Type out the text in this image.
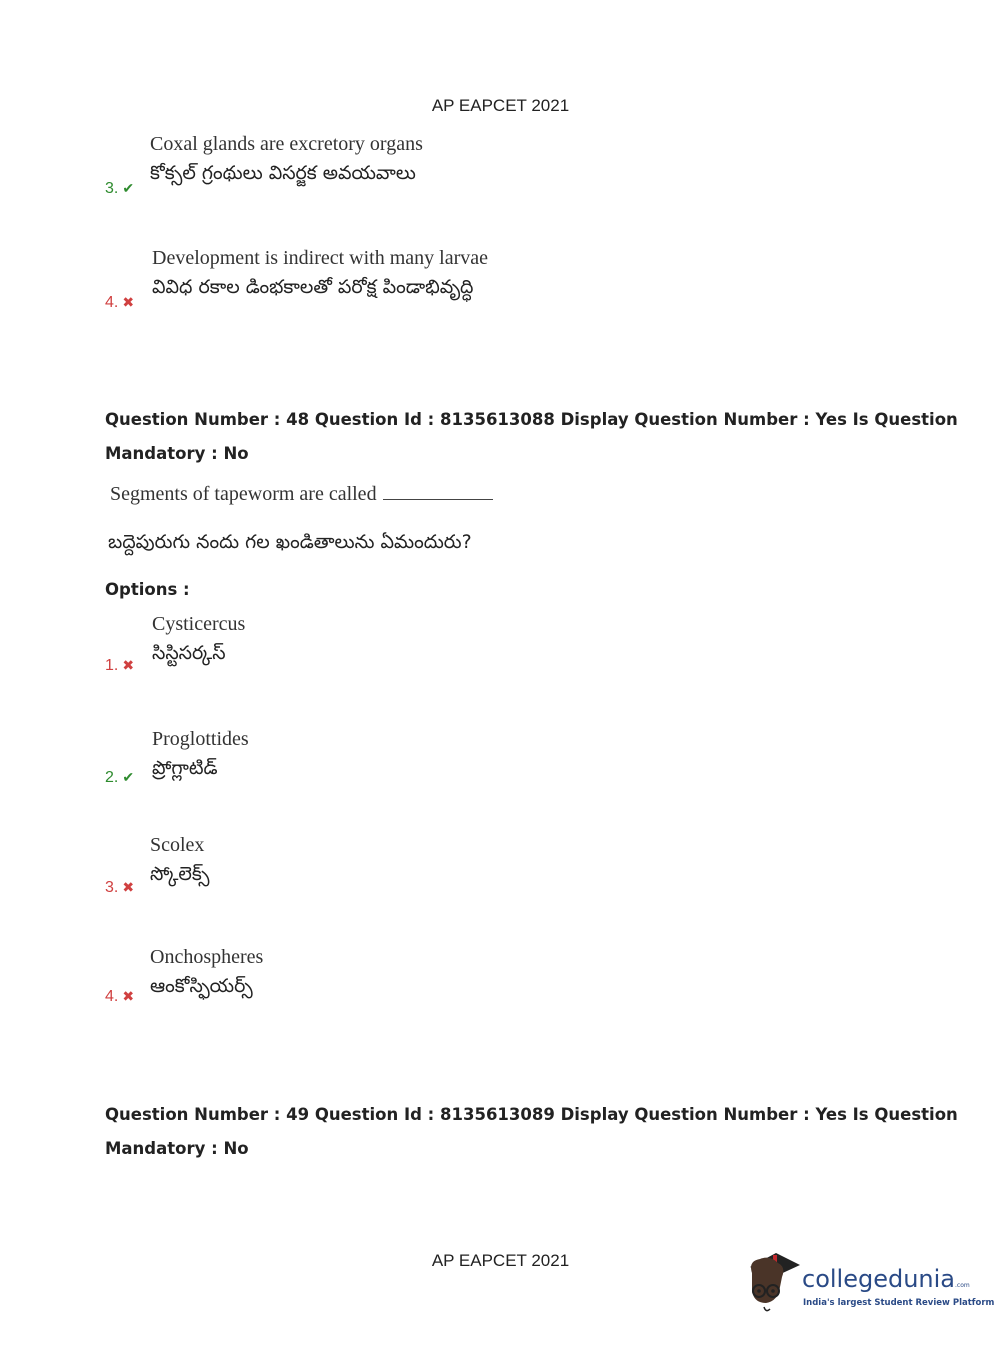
AP EAPCET 2021
Coxal glands are excretory organs
కోక్సల్ గ్రంథులు విసర్జక అవయవాలు
3. ✔
Development is indirect with many larvae
వివిధ రకాల డింభకాలతో పరోక్ష పిండాభివృద్ధి
4. ✖
Question Number : 48 Question Id : 8135613088 Display Question Number : Yes Is Question
Mandatory : No
Segments of tapeworm are called
బద్దెపురుగు నందు గల ఖండితాలును ఏమందురు?
Options :
Cysticercus
సిస్టిసర్కస్
1. ✖
Proglottides
ప్రోగ్లాటిడ్
2. ✔
Scolex
స్కోలెక్స్
3. ✖
Onchospheres
ఆంకోస్ఫియర్స్
4. ✖
Question Number : 49 Question Id : 8135613089 Display Question Number : Yes Is Question
Mandatory : No
AP EAPCET 2021
collegedunia.com
India's largest Student Review Platform
